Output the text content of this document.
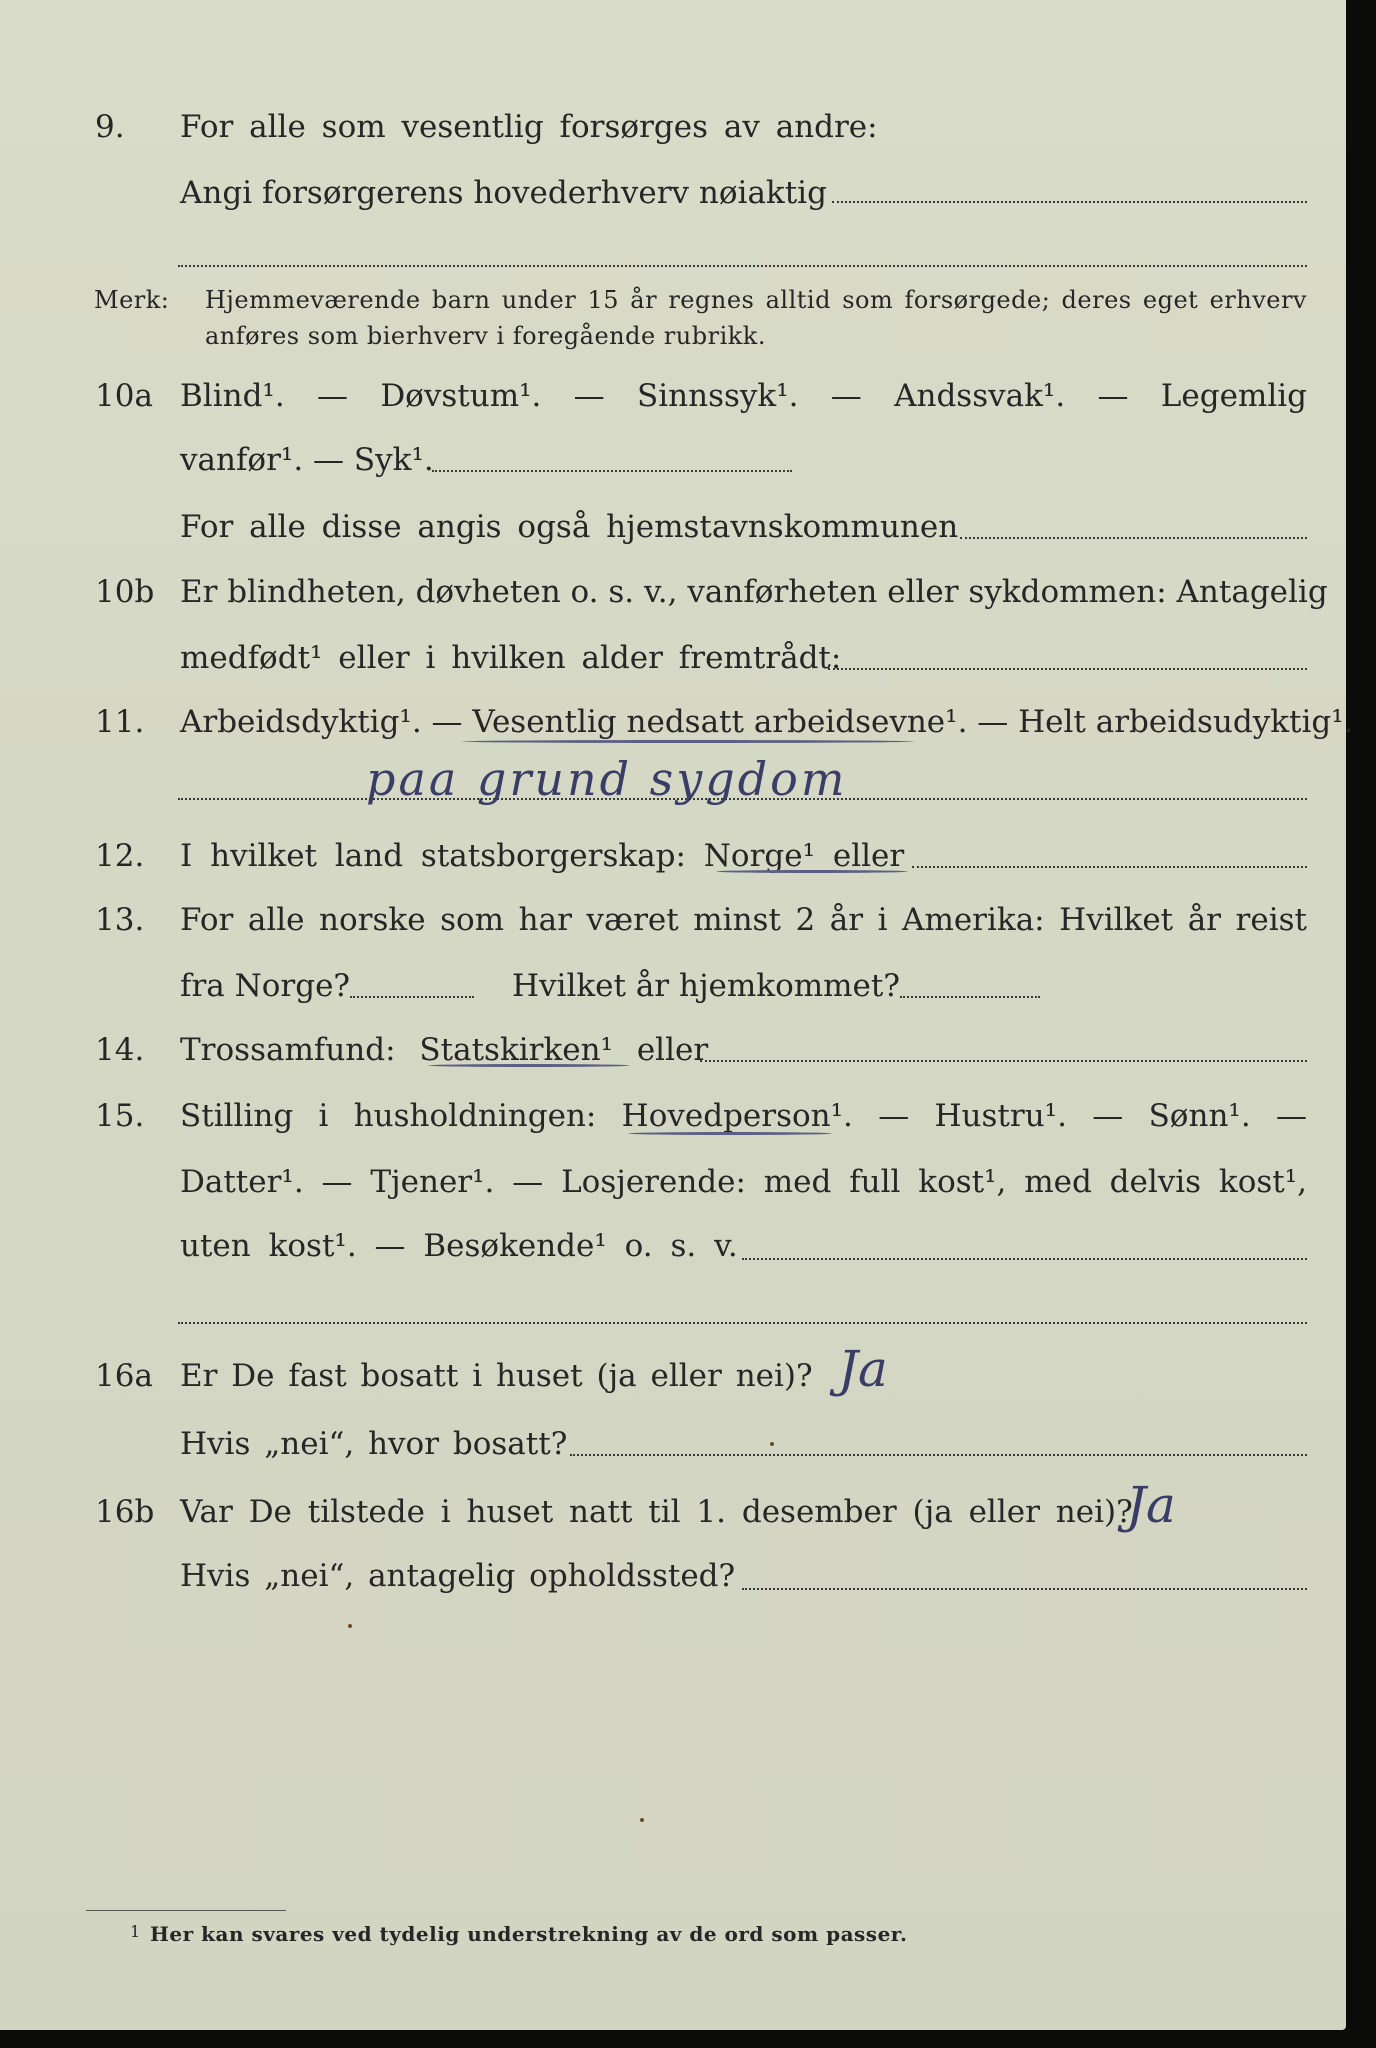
9. For alle som vesentlig forsørges av andre:
Angi forsørgerens hovederhverv nøiaktig
Merk: Hjemmeværende barn under 15 år regnes alltid som forsørgede; deres eget erhverv
anføres som bierhverv i foregående rubrikk.
10a Blind¹. — Døvstum¹. — Sinnssyk¹. — Andssvak¹. — Legemlig
vanfør¹. — Syk¹.
For alle disse angis også hjemstavnskommunen
10b Er blindheten, døvheten o. s. v., vanførheten eller sykdommen: Antagelig
medfødt¹ eller i hvilken alder fremtrådt:
11. Arbeidsdyktig¹. — Vesentlig nedsatt arbeidsevne¹. — Helt arbeidsudyktig¹.
paa grund sygdom
12. I hvilket land statsborgerskap: Norge¹ eller
13. For alle norske som har været minst 2 år i Amerika: Hvilket år reist
fra Norge?	Hvilket år hjemkommet?
14. Trossamfund: Statskirken¹ eller
15. Stilling i husholdningen: Hovedperson¹. — Hustru¹. — Sønn¹. —
Datter¹. — Tjener¹. — Losjerende: med full kost¹, med delvis kost¹,
uten kost¹. — Besøkende¹ o. s. v.
16a Er De fast bosatt i huset (ja eller nei)? Ja
Hvis „nei“, hvor bosatt?
16b Var De tilstede i huset natt til 1. desember (ja eller nei)?
Ja
Hvis „nei“, antagelig opholdssted?
1 Her kan svares ved tydelig understrekning av de ord som passer.
